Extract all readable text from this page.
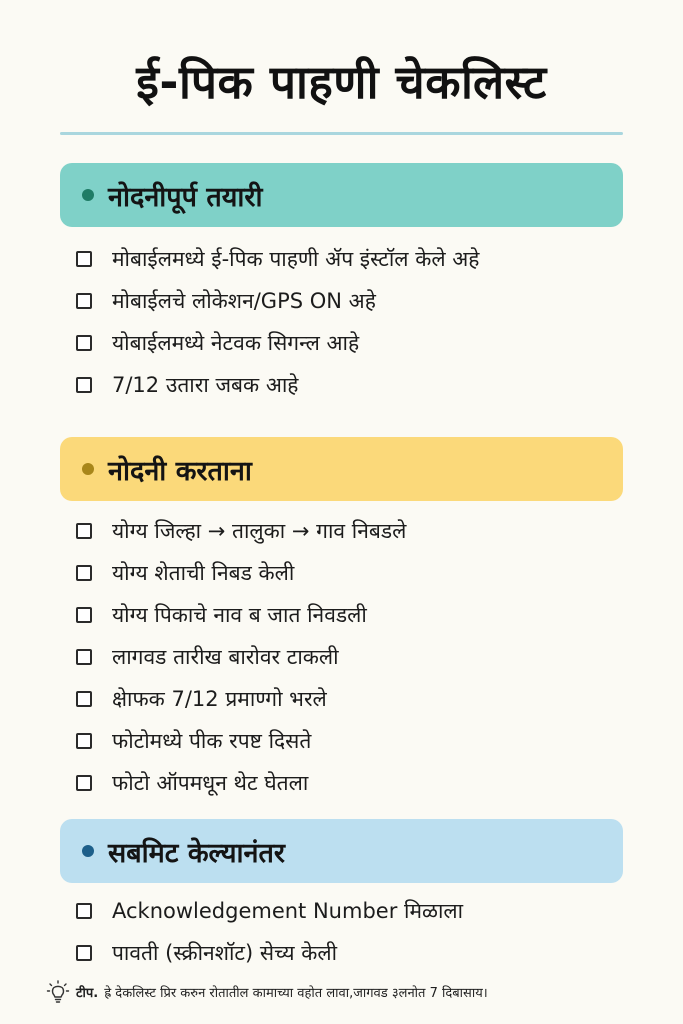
ई-पिक पाहणी चेकलिस्ट
नोदनीपूर्प तयारी
मोबाईलमध्ये ई-पिक पाहणी ॲप इंस्टॉल केले अहे
मोबाईलचे लोकेशन/GPS ON अहे
योबाईलमध्ये नेटवक सिगन्ल आहे
7/12 उतारा जबक आहे
नोदनी करताना
योग्य जिल्हा → तालुका → गाव निबडले
योग्य शेताची निबड केली
योग्य पिकाचे नाव ब जात निवडली
लागवड तारीख बारोवर टाकली
क्षेाफक 7/12 प्रमाण्गो भरले
फोटोमध्ये पीक रपष्ट दिसते
फोटो ऑपमधून थेट घेतला
सबमिट केल्यानंतर
Acknowledgement Number मिळाला
पावती (स्क्रीनशॉट) सेच्य केली
टीप. ह्रे देकलिस्ट प्रिर करुन रोतातील कामाच्या वहोत लावा,जागवड ३लनोत 7 दिबासाय।
